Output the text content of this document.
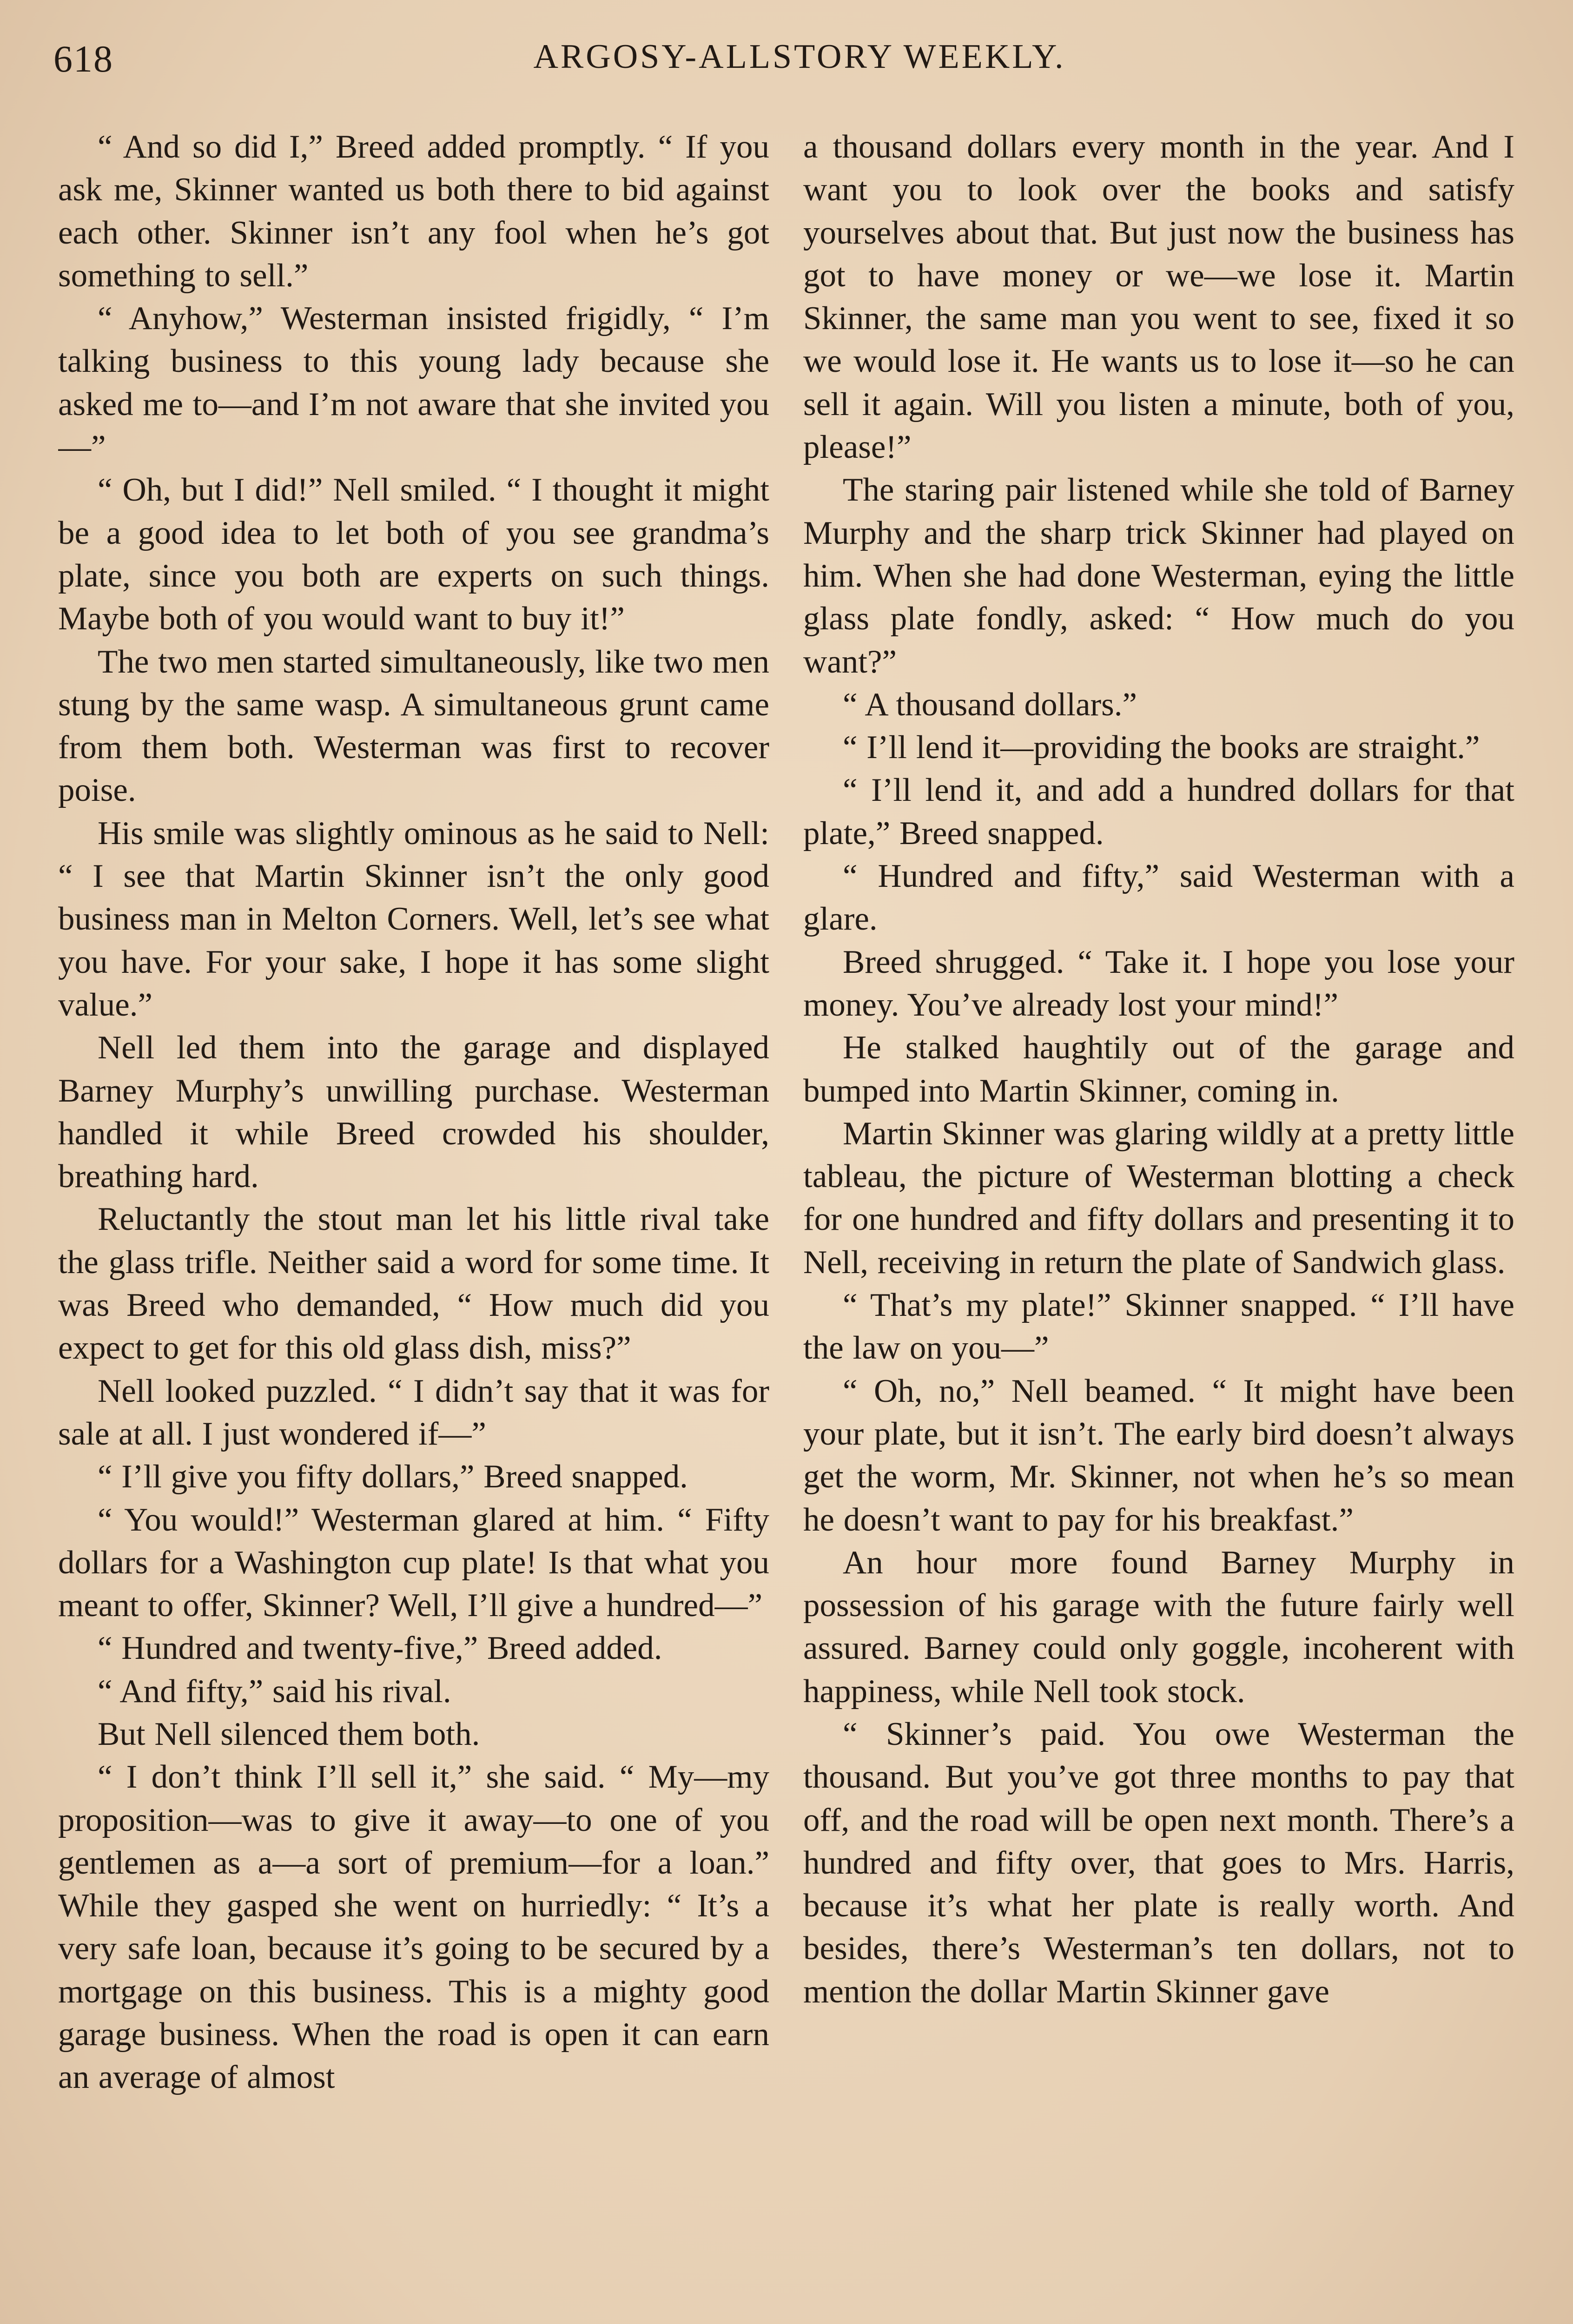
618	ARGOSY-ALLSTORY WEEKLY.

“ And so did I,” Breed added promptly. “ If you ask me, Skinner wanted us both there to bid against each other. Skinner isn’t any fool when he’s got something to sell.”

“ Anyhow,” Westerman insisted frigidly, “ I’m talking business to this young lady because she asked me to—and I’m not aware that she invited you—”

“ Oh, but I did!” Nell smiled. “ I thought it might be a good idea to let both of you see grandma’s plate, since you both are experts on such things. Maybe both of you would want to buy it!”

The two men started simultaneously, like two men stung by the same wasp. A simultaneous grunt came from them both. Westerman was first to recover poise.

His smile was slightly ominous as he said to Nell: “ I see that Martin Skinner isn’t the only good business man in Melton Corners. Well, let’s see what you have. For your sake, I hope it has some slight value.”

Nell led them into the garage and displayed Barney Murphy’s unwilling purchase. Westerman handled it while Breed crowded his shoulder, breathing hard.

Reluctantly the stout man let his little rival take the glass trifle. Neither said a word for some time. It was Breed who demanded, “ How much did you expect to get for this old glass dish, miss?”

Nell looked puzzled. “ I didn’t say that it was for sale at all. I just wondered if—”

“ I’ll give you fifty dollars,” Breed snapped.

“ You would!” Westerman glared at him. “ Fifty dollars for a Washington cup plate! Is that what you meant to offer, Skinner? Well, I’ll give a hundred—”

“ Hundred and twenty-five,” Breed added.

“ And fifty,” said his rival.

But Nell silenced them both.

“ I don’t think I’ll sell it,” she said. “ My—my proposition—was to give it away—to one of you gentlemen as a—a sort of premium—for a loan.” While they gasped she went on hurriedly: “ It’s a very safe loan, because it’s going to be secured by a mortgage on this business. This is a mighty good garage business. When the road is open it can earn an average of almost

a thousand dollars every month in the year. And I want you to look over the books and satisfy yourselves about that. But just now the business has got to have money or we—we lose it. Martin Skinner, the same man you went to see, fixed it so we would lose it. He wants us to lose it—so he can sell it again. Will you listen a minute, both of you, please!”

The staring pair listened while she told of Barney Murphy and the sharp trick Skinner had played on him. When she had done Westerman, eying the little glass plate fondly, asked: “ How much do you want?”

“ A thousand dollars.”

“ I’ll lend it—providing the books are straight.”

“ I’ll lend it, and add a hundred dollars for that plate,” Breed snapped.

“ Hundred and fifty,” said Westerman with a glare.

Breed shrugged. “ Take it. I hope you lose your money. You’ve already lost your mind!”

He stalked haughtily out of the garage and bumped into Martin Skinner, coming in.

Martin Skinner was glaring wildly at a pretty little tableau, the picture of Westerman blotting a check for one hundred and fifty dollars and presenting it to Nell, receiving in return the plate of Sandwich glass.

“ That’s my plate!” Skinner snapped. “ I’ll have the law on you—”

“ Oh, no,” Nell beamed. “ It might have been your plate, but it isn’t. The early bird doesn’t always get the worm, Mr. Skinner, not when he’s so mean he doesn’t want to pay for his breakfast.”

An hour more found Barney Murphy in possession of his garage with the future fairly well assured. Barney could only goggle, incoherent with happiness, while Nell took stock.

“ Skinner’s paid. You owe Westerman the thousand. But you’ve got three months to pay that off, and the road will be open next month. There’s a hundred and fifty over, that goes to Mrs. Harris, because it’s what her plate is really worth. And besides, there’s Westerman’s ten dollars, not to mention the dollar Martin Skinner gave
